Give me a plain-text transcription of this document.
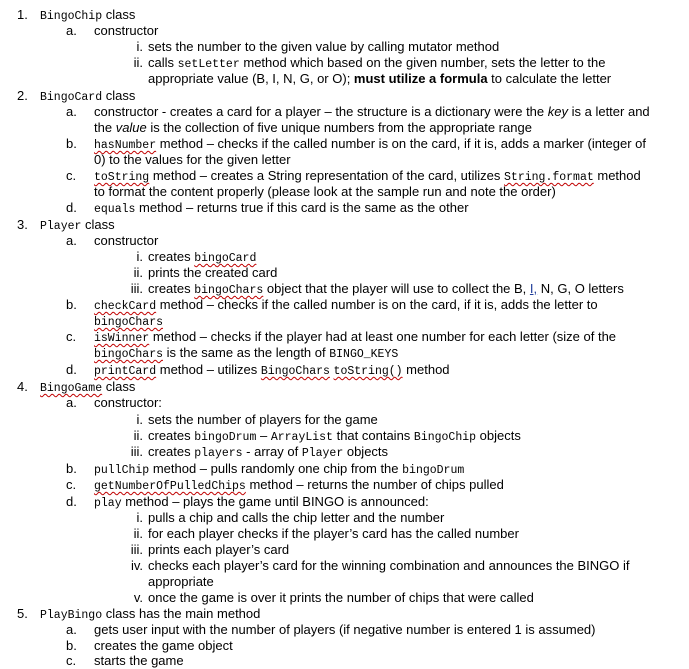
1. BingoChip class
a. constructor
i. sets the number to the given value by calling mutator method
ii. calls setLetter method which based on the given number, sets the letter to the
appropriate value (B, I, N, G, or O); must utilize a formula to calculate the letter
2. BingoCard class
a. constructor - creates a card for a player – the structure is a dictionary were the key is a letter and
the value is the collection of five unique numbers from the appropriate range
b. hasNumber method – checks if the called number is on the card, if it is, adds a marker (integer of
0) to the values for the given letter
c. toString method – creates a String representation of the card, utilizes String.format method
to format the content properly (please look at the sample run and note the order)
d. equals method – returns true if this card is the same as the other
3. Player class
a. constructor
i. creates bingoCard
ii. prints the created card
iii. creates bingoChars object that the player will use to collect the B, I, N, G, O letters
b. checkCard method – checks if the called number is on the card, if it is, adds the letter to
bingoChars
c. isWinner method – checks if the player had at least one number for each letter (size of the
bingoChars is the same as the length of BINGO_KEYS
d. printCard method – utilizes BingoChars toString() method
4. BingoGame class
a. constructor:
i. sets the number of players for the game
ii. creates bingoDrum – ArrayList that contains BingoChip objects
iii. creates players - array of Player objects
b. pullChip method – pulls randomly one chip from the bingoDrum
c. getNumberOfPulledChips method – returns the number of chips pulled
d. play method – plays the game until BINGO is announced:
i. pulls a chip and calls the chip letter and the number
ii. for each player checks if the player’s card has the called number
iii. prints each player’s card
iv. checks each player’s card for the winning combination and announces the BINGO if
appropriate
v. once the game is over it prints the number of chips that were called
5. PlayBingo class has the main method
a. gets user input with the number of players (if negative number is entered 1 is assumed)
b. creates the game object
c. starts the game
